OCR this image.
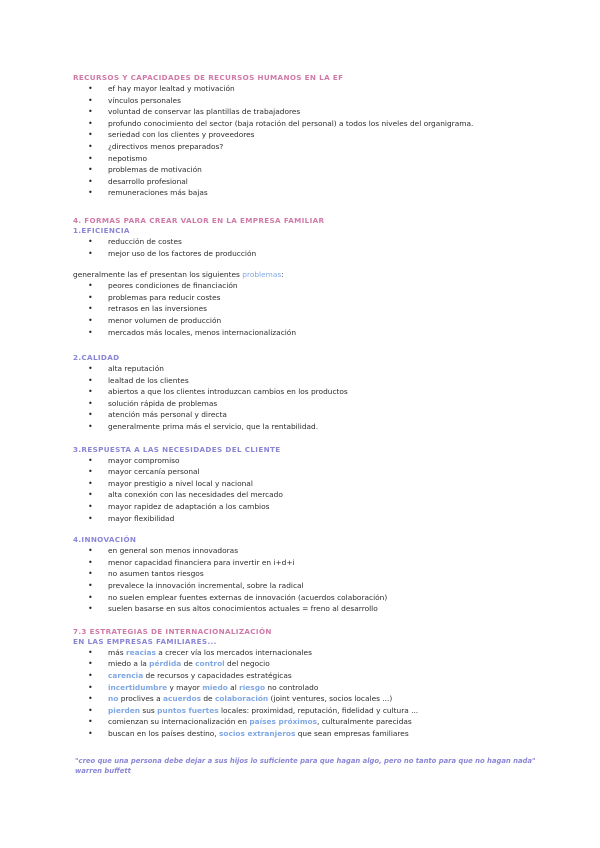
RECURSOS Y CAPACIDADES DE RECURSOS HUMANOS EN LA EF
• ef hay mayor lealtad y motivación
• vínculos personales
• voluntad de conservar las plantillas de trabajadores
• profundo conocimiento del sector (baja rotación del personal) a todos los niveles del organigrama.
• seriedad con los clientes y proveedores
• ¿directivos menos preparados?
• nepotismo
• problemas de motivación
• desarrollo profesional
• remuneraciones más bajas
4. FORMAS PARA CREAR VALOR EN LA EMPRESA FAMILIAR
1.EFICIENCIA
• reducción de costes
• mejor uso de los factores de producción
generalmente las ef presentan los siguientes problemas:
• peores condiciones de financiación
• problemas para reducir costes
• retrasos en las inversiones
• menor volumen de producción
• mercados más locales, menos internacionalización
2.CALIDAD
• alta reputación
• lealtad de los clientes
• abiertos a que los clientes introduzcan cambios en los productos
• solución rápida de problemas
• atención más personal y directa
• generalmente prima más el servicio, que la rentabilidad.
3.RESPUESTA A LAS NECESIDADES DEL CLIENTE
• mayor compromiso
• mayor cercanía personal
• mayor prestigio a nivel local y nacional
• alta conexión con las necesidades del mercado
• mayor rapidez de adaptación a los cambios
• mayor flexibilidad
4.INNOVACIÓN
• en general son menos innovadoras
• menor capacidad financiera para invertir en i+d+i
• no asumen tantos riesgos
• prevalece la innovación incremental, sobre la radical
• no suelen emplear fuentes externas de innovación (acuerdos colaboración)
• suelen basarse en sus altos conocimientos actuales = freno al desarrollo
7.3 ESTRATEGIAS DE INTERNACIONALIZACIÓN
EN LAS EMPRESAS FAMILIARES...
• más reacias a crecer vía los mercados internacionales
• miedo a la pérdida de control del negocio
• carencia de recursos y capacidades estratégicas
• incertidumbre y mayor miedo al riesgo no controlado
• no proclives a acuerdos de colaboración (joint ventures, socios locales ...)
• pierden sus puntos fuertes locales: proximidad, reputación, fidelidad y cultura ...
• comienzan su internacionalización en países próximos, culturalmente parecidas
• buscan en los países destino, socios extranjeros que sean empresas familiares
"creo que una persona debe dejar a sus hijos lo suficiente para que hagan algo, pero no tanto para que no hagan nada"
warren buffett
